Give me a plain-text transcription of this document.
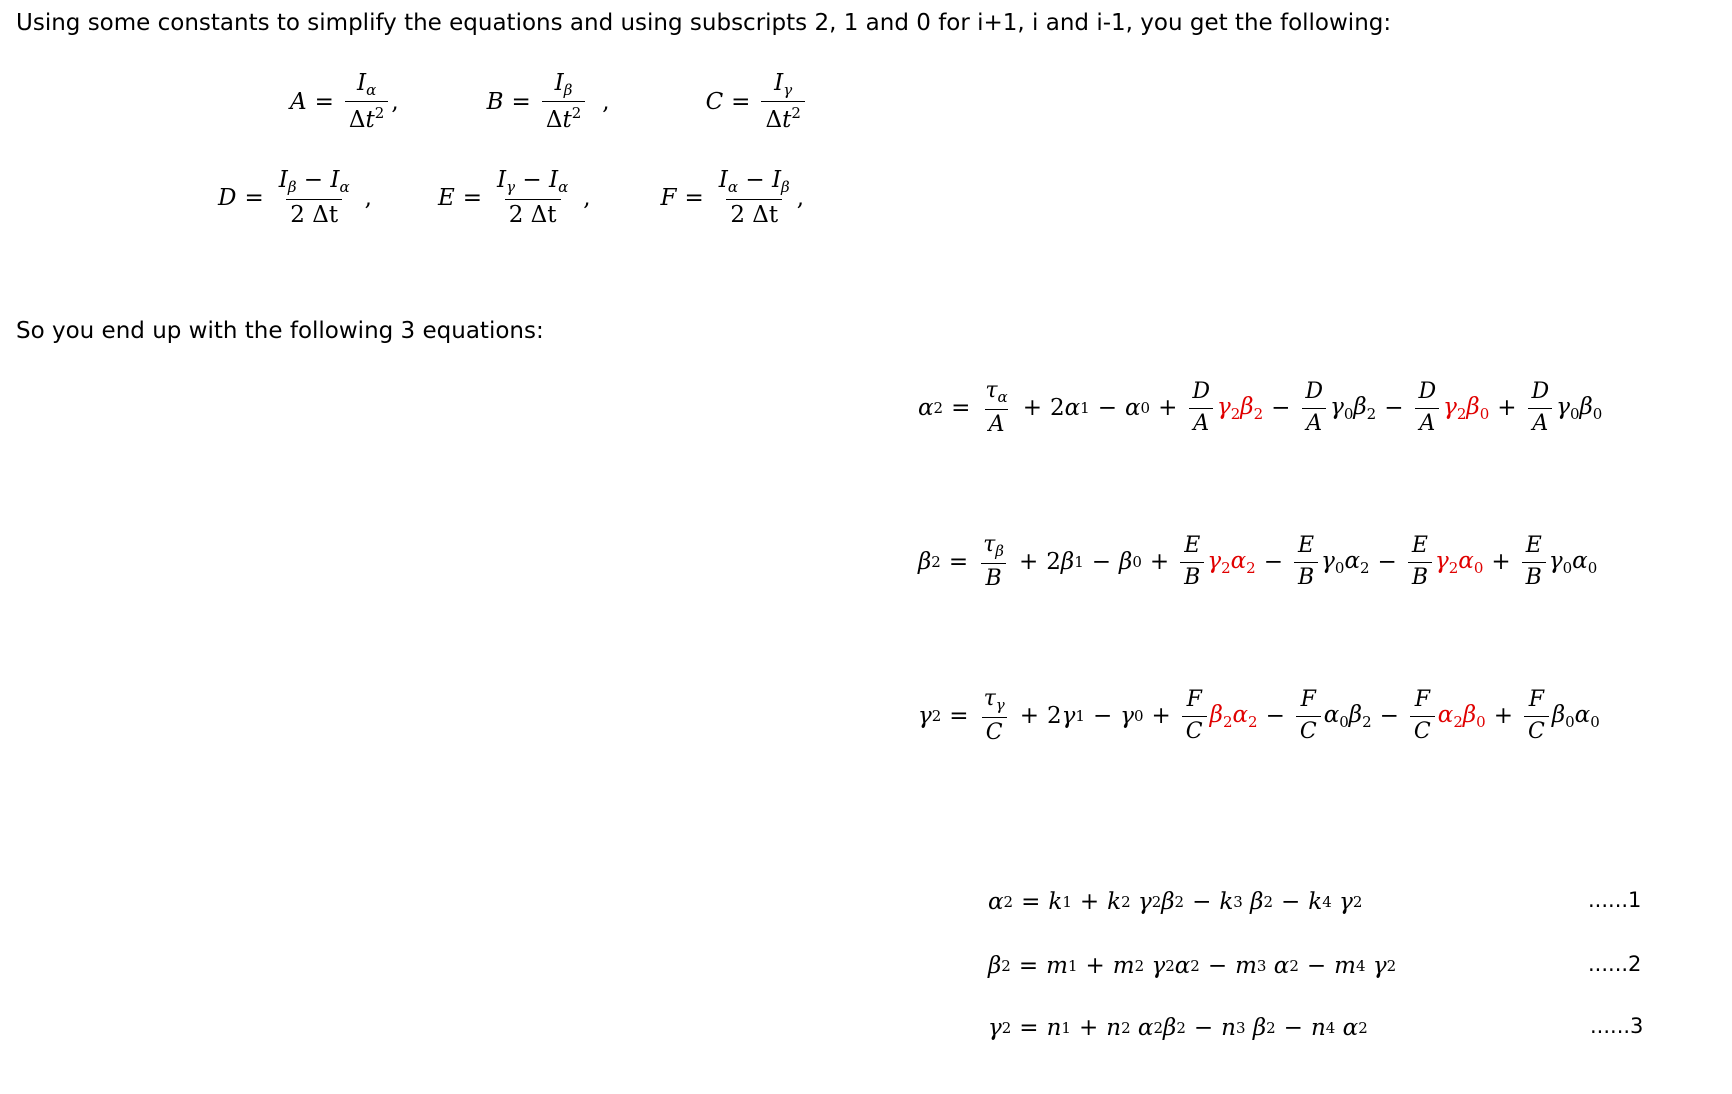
Using some constants to simplify the equations and using subscripts 2, 1 and 0 for i+1, i and i-1, you get the following:
$A = \frac{I_\alpha}{\Delta t^2}$ ,	$B = \frac{I_\beta}{\Delta t^2}$ ,	$C = \frac{I_\gamma}{\Delta t^2}$
$D = \frac{I_\beta - I_\alpha}{2 \Delta t}$ ,	$E = \frac{I_\gamma - I_\alpha}{2 \Delta t}$ ,	$F = \frac{I_\alpha - I_\beta}{2 \Delta t}$ ,
So you end up with the following 3 equations:
α $2 = \frac{\tau_\alpha}{A} + 2$ α 1 − α $0 + \frac{D}{A} \gamma_2\beta_2 - \frac{D}{A} \gamma_0\beta_2 - \frac{D}{A} \gamma_2\beta_0 + \frac{D}{A} \gamma_0\beta_0$
β $2 = \frac{\tau_\beta}{B} + 2$ β 1 − β $0 + \frac{E}{B} \gamma_2\alpha_2 - \frac{E}{B} \gamma_0\alpha_2 - \frac{E}{B} \gamma_2\alpha_0 + \frac{E}{B} \gamma_0\alpha_0$
γ $2 = \frac{\tau_\gamma}{C} + 2$ γ 1 − γ $0 + \frac{F}{C} \beta_2\alpha_2 - \frac{F}{C} \alpha_0\beta_2 - \frac{F}{C} \alpha_2\beta_0 + \frac{F}{C} \beta_0\alpha_0$
α 2 = k 1 + k 2
γ 2 β 2 − k 3
β 2 − k 4
γ 2	......1
β 2 = m 1 + m 2
γ 2 α 2 − m 3
α 2 − m 4
γ 2	......2
γ 2 = n 1 + n 2
α 2 β 2 − n 3
β 2 − n 4
α 2	......3
